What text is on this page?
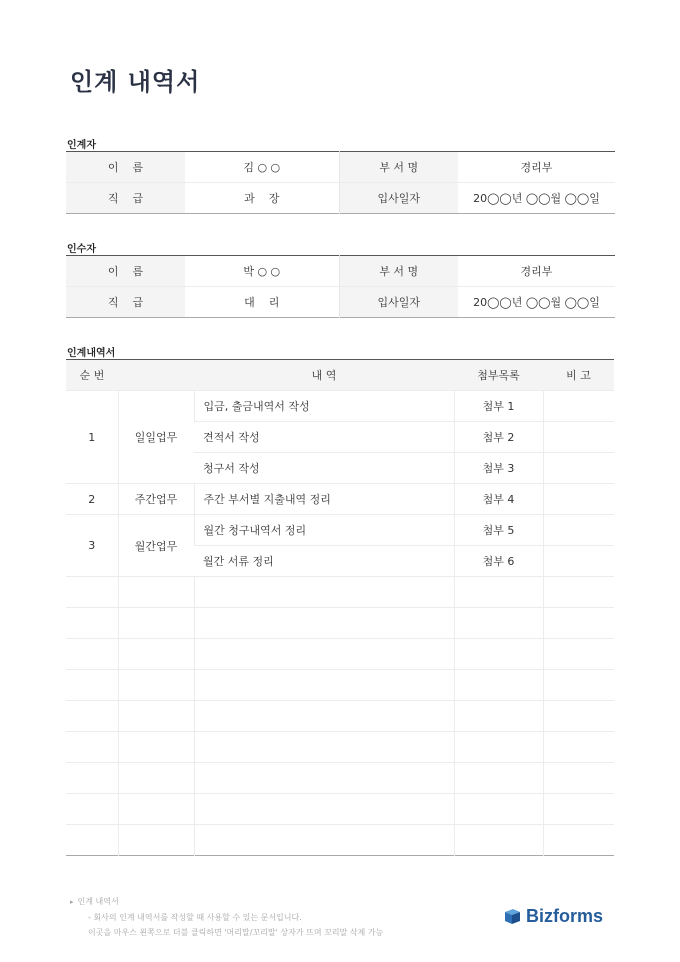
인계 내역서
인계자
이    름	김 ○ ○	부 서 명	경리부
직    급	과    장	입사일자	20◯◯년 ◯◯월 ◯◯일
인수자
이    름	박 ○ ○	부 서 명	경리부
직    급	대    리	입사일자	20◯◯년 ◯◯월 ◯◯일
인계내역서
순 번		내 역	첨부목록	비 고
1	일일업무	입금, 출금내역서 작성	첨부 1	
		견적서 작성	첨부 2	
		청구서 작성	첨부 3	
2	주간업무	주간 부서별 지출내역 정리	첨부 4	
3	월간업무	월간 청구내역서 정리	첨부 5	
		월간 서류 정리	첨부 6	

▸ 인계 내역서
- 회사의 인계 내역서를 작성할 때 사용할 수 있는 문서입니다.
이곳을 마우스 왼쪽으로 더블 클릭하면 '머리말/꼬리말' 상자가 뜨며 꼬리말 삭제 가능
Bizforms
